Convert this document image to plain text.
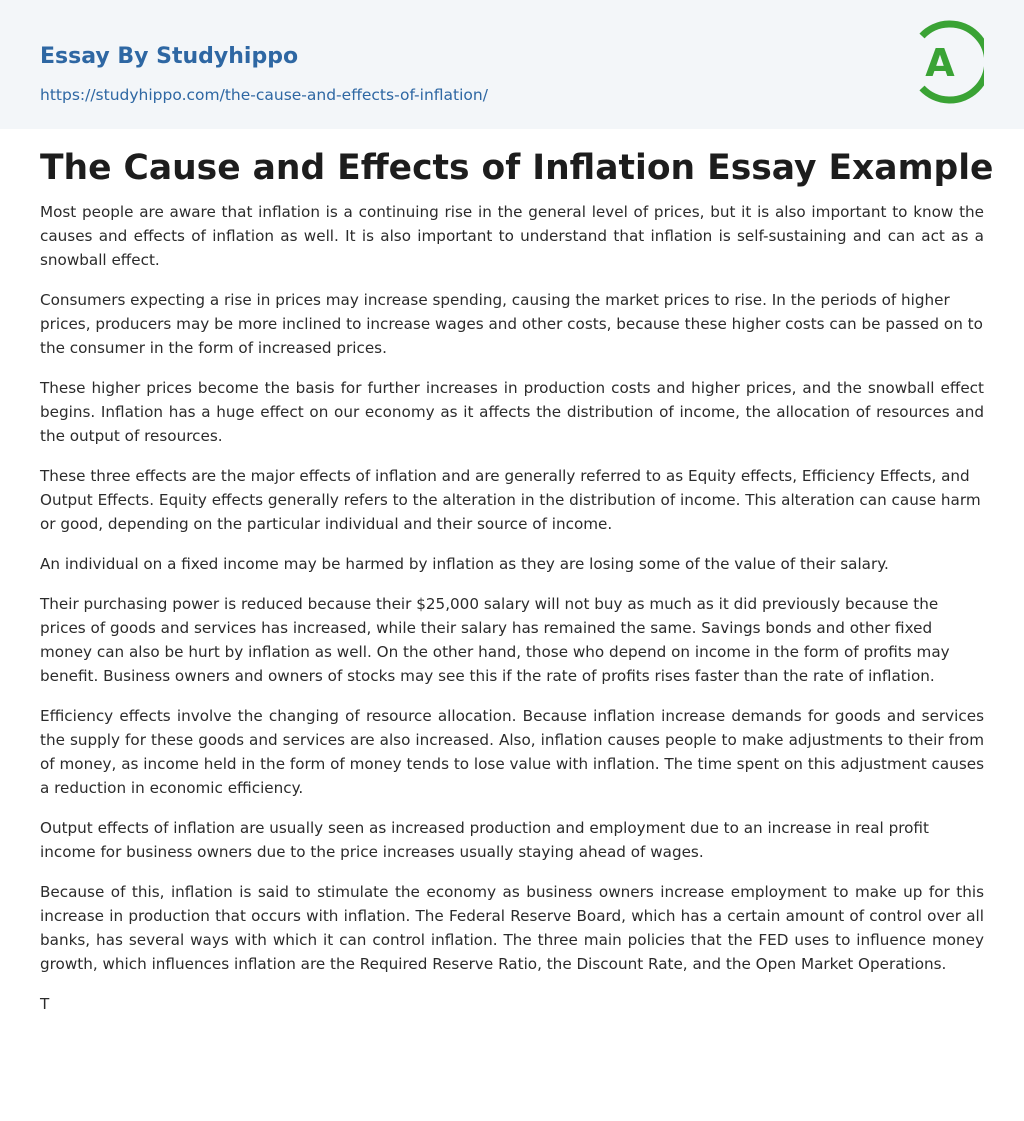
Essay By Studyhippo
https://studyhippo.com/the-cause-and-effects-of-inflation/
A
The Cause and Effects of Inflation Essay Example

Most people are aware that inflation is a continuing rise in the general level of prices, but it is also important to know the causes and effects of inflation as well. It is also important to understand that inflation is self-sustaining and can act as a snowball effect.

Consumers expecting a rise in prices may increase spending, causing the market prices to rise. In the periods of higher prices, producers may be more inclined to increase wages and other costs, because these higher costs can be passed on to the consumer in the form of increased prices.

These higher prices become the basis for further increases in production costs and higher prices, and the snowball effect begins. Inflation has a huge effect on our economy as it affects the distribution of income, the allocation of resources and the output of resources.

These three effects are the major effects of inflation and are generally referred to as Equity effects, Efficiency Effects, and Output Effects. Equity effects generally refers to the alteration in the distribution of income. This alteration can cause harm or good, depending on the particular individual and their source of income.

An individual on a fixed income may be harmed by inflation as they are losing some of the value of their salary.

Their purchasing power is reduced because their $25,000 salary will not buy as much as it did previously because the prices of goods and services has increased, while their salary has remained the same. Savings bonds and other fixed money can also be hurt by inflation as well. On the other hand, those who depend on income in the form of profits may benefit. Business owners and owners of stocks may see this if the rate of profits rises faster than the rate of inflation.

Efficiency effects involve the changing of resource allocation. Because inflation increase demands for goods and services the supply for these goods and services are also increased. Also, inflation causes people to make adjustments to their from of money, as income held in the form of money tends to lose value with inflation. The time spent on this adjustment causes a reduction in economic efficiency.

Output effects of inflation are usually seen as increased production and employment due to an increase in real profit income for business owners due to the price increases usually staying ahead of wages.

Because of this, inflation is said to stimulate the economy as business owners increase employment to make up for this increase in production that occurs with inflation. The Federal Reserve Board, which has a certain amount of control over all banks, has several ways with which it can control inflation. The three main policies that the FED uses to influence money growth, which influences inflation are the Required Reserve Ratio, the Discount Rate, and the Open Market Operations.

T
